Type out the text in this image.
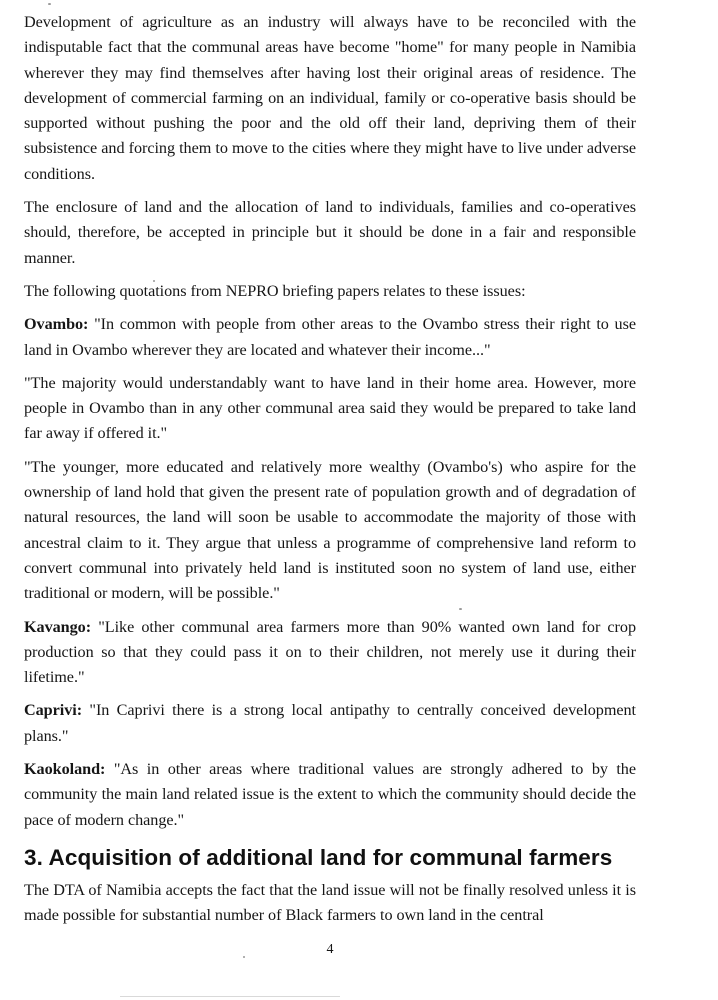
Development of agriculture as an industry will always have to be reconciled with the indisputable fact that the communal areas have become "home" for many people in Namibia wherever they may find themselves after having lost their original areas of residence. The development of commercial farming on an individual, family or co-operative basis should be supported without pushing the poor and the old off their land, depriving them of their subsistence and forcing them to move to the cities where they might have to live under adverse conditions.

The enclosure of land and the allocation of land to individuals, families and co-operatives should, therefore, be accepted in principle but it should be done in a fair and responsible manner.

The following quotations from NEPRO briefing papers relates to these issues:

Ovambo: "In common with people from other areas to the Ovambo stress their right to use land in Ovambo wherever they are located and whatever their income..."

"The majority would understandably want to have land in their home area. However, more people in Ovambo than in any other communal area said they would be prepared to take land far away if offered it."

"The younger, more educated and relatively more wealthy (Ovambo's) who aspire for the ownership of land hold that given the present rate of population growth and of degradation of natural resources, the land will soon be usable to accommodate the majority of those with ancestral claim to it. They argue that unless a programme of comprehensive land reform to convert communal into privately held land is instituted soon no system of land use, either traditional or modern, will be possible."

Kavango: "Like other communal area farmers more than 90% wanted own land for crop production so that they could pass it on to their children, not merely use it during their lifetime."

Caprivi: "In Caprivi there is a strong local antipathy to centrally conceived development plans."

Kaokoland: "As in other areas where traditional values are strongly adhered to by the community the main land related issue is the extent to which the community should decide the pace of modern change."

3. Acquisition of additional land for communal farmers

The DTA of Namibia accepts the fact that the land issue will not be finally resolved unless it is made possible for substantial number of Black farmers to own land in the central

4
